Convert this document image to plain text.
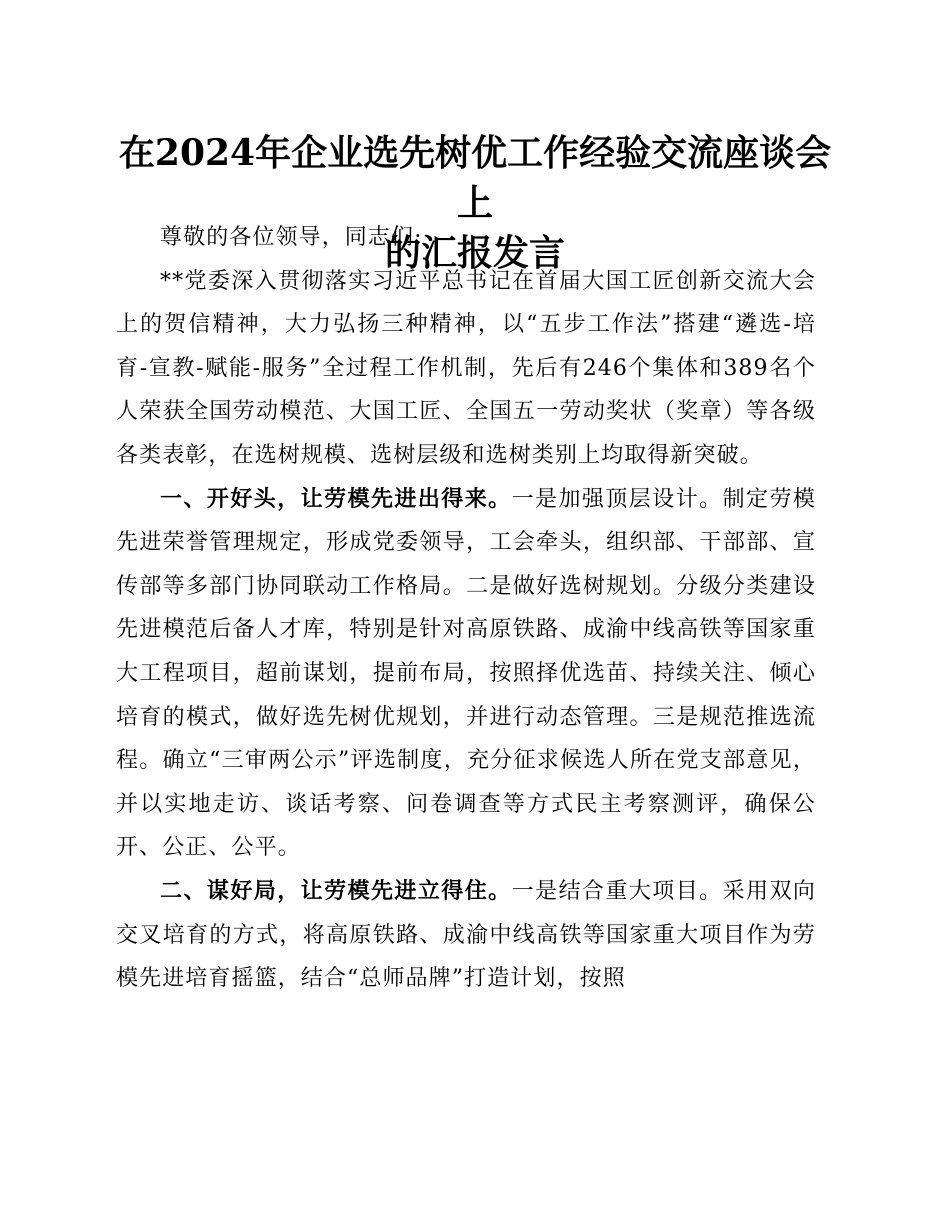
在2024年企业选先树优工作经验交流座谈会上
的汇报发言

尊敬的各位领导，同志们:

**党委深入贯彻落实习近平总书记在首届大国工匠创新交流大会上的贺信精神，大力弘扬三种精神，以“五步工作法”搭建“遴选-培育-宣教-赋能-服务”全过程工作机制，先后有246个集体和389名个人荣获全国劳动模范、大国工匠、全国五一劳动奖状（奖章）等各级各类表彰，在选树规模、选树层级和选树类别上均取得新突破。

一、开好头，让劳模先进出得来。一是加强顶层设计。制定劳模先进荣誉管理规定，形成党委领导，工会牵头，组织部、干部部、宣传部等多部门协同联动工作格局。二是做好选树规划。分级分类建设先进模范后备人才库，特别是针对高原铁路、成渝中线高铁等国家重大工程项目，超前谋划，提前布局，按照择优选苗、持续关注、倾心培育的模式，做好选先树优规划，并进行动态管理。三是规范推选流程。确立“三审两公示”评选制度，充分征求候选人所在党支部意见，并以实地走访、谈话考察、问卷调查等方式民主考察测评，确保公开、公正、公平。

二、谋好局，让劳模先进立得住。一是结合重大项目。采用双向交叉培育的方式，将高原铁路、成渝中线高铁等国家重大项目作为劳模先进培育摇篮，结合“总师品牌”打造计划，按照
